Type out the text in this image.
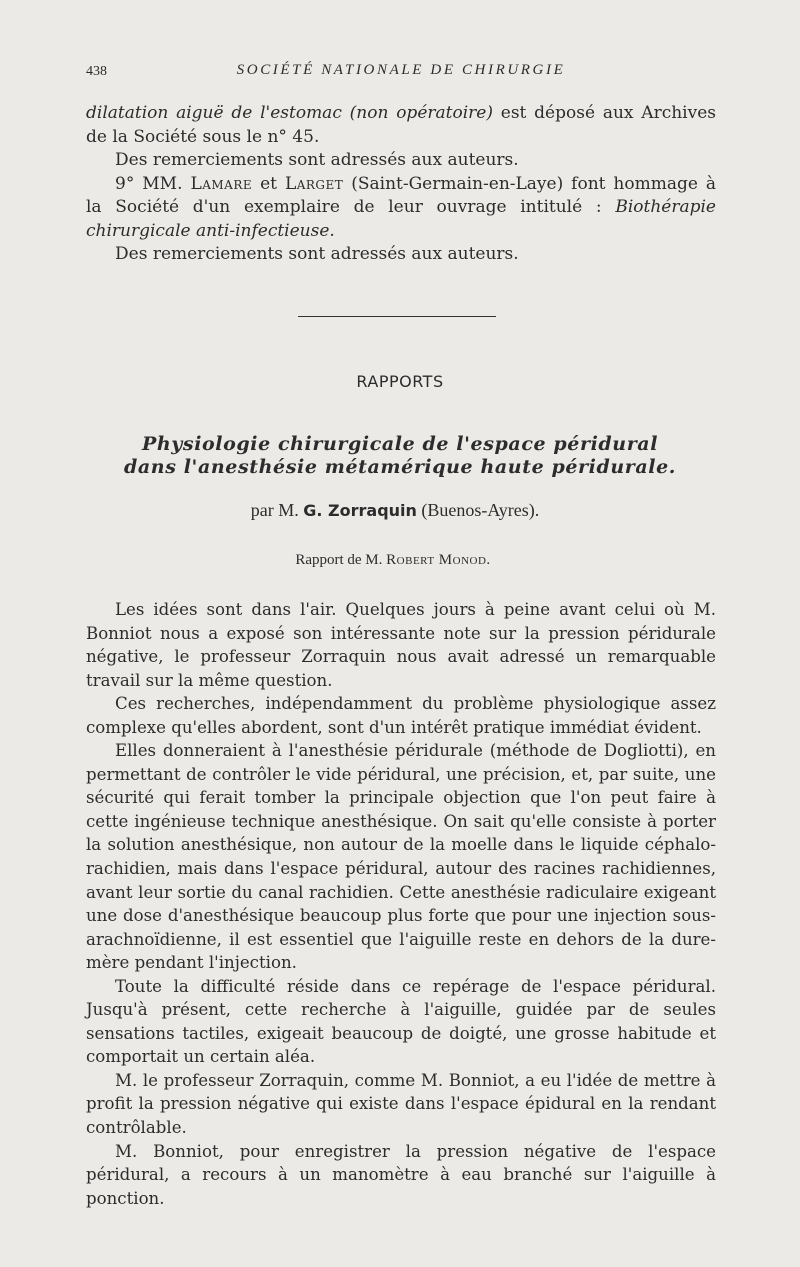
438	SOCIÉTÉ NATIONALE DE CHIRURGIE

dilatation aiguë de l'estomac (non opératoire) est déposé aux Archives de la Société sous le n° 45.

Des remerciements sont adressés aux auteurs.

9° MM. Lamare et Larget (Saint-Germain-en-Laye) font hommage à la Société d'un exemplaire de leur ouvrage intitulé : Biothérapie chirurgicale anti-infectieuse.

Des remerciements sont adressés aux auteurs.

RAPPORTS
Physiologie chirurgicale de l'espace péridural
dans l'anesthésie métamérique haute péridurale.
par M. G. Zorraquin (Buenos-Ayres).
Rapport de M. Robert Monod.

Les idées sont dans l'air. Quelques jours à peine avant celui où M. Bonniot nous a exposé son intéressante note sur la pression péridurale négative, le professeur Zorraquin nous avait adressé un remarquable travail sur la même question.

Ces recherches, indépendamment du problème physiologique assez complexe qu'elles abordent, sont d'un intérêt pratique immédiat évident.

Elles donneraient à l'anesthésie péridurale (méthode de Dogliotti), en permettant de contrôler le vide péridural, une précision, et, par suite, une sécurité qui ferait tomber la principale objection que l'on peut faire à cette ingénieuse technique anesthésique. On sait qu'elle consiste à porter la solution anesthésique, non autour de la moelle dans le liquide céphalo-rachidien, mais dans l'espace péridural, autour des racines rachidiennes, avant leur sortie du canal rachidien. Cette anesthésie radiculaire exigeant une dose d'anesthésique beaucoup plus forte que pour une injection sous-arachnoïdienne, il est essentiel que l'aiguille reste en dehors de la dure-mère pendant l'injection.

Toute la difficulté réside dans ce repérage de l'espace péridural. Jusqu'à présent, cette recherche à l'aiguille, guidée par de seules sensations tactiles, exigeait beaucoup de doigté, une grosse habitude et comportait un certain aléa.

M. le professeur Zorraquin, comme M. Bonniot, a eu l'idée de mettre à profit la pression négative qui existe dans l'espace épidural en la rendant contrôlable.

M. Bonniot, pour enregistrer la pression négative de l'espace péridural, a recours à un manomètre à eau branché sur l'aiguille à ponction.
